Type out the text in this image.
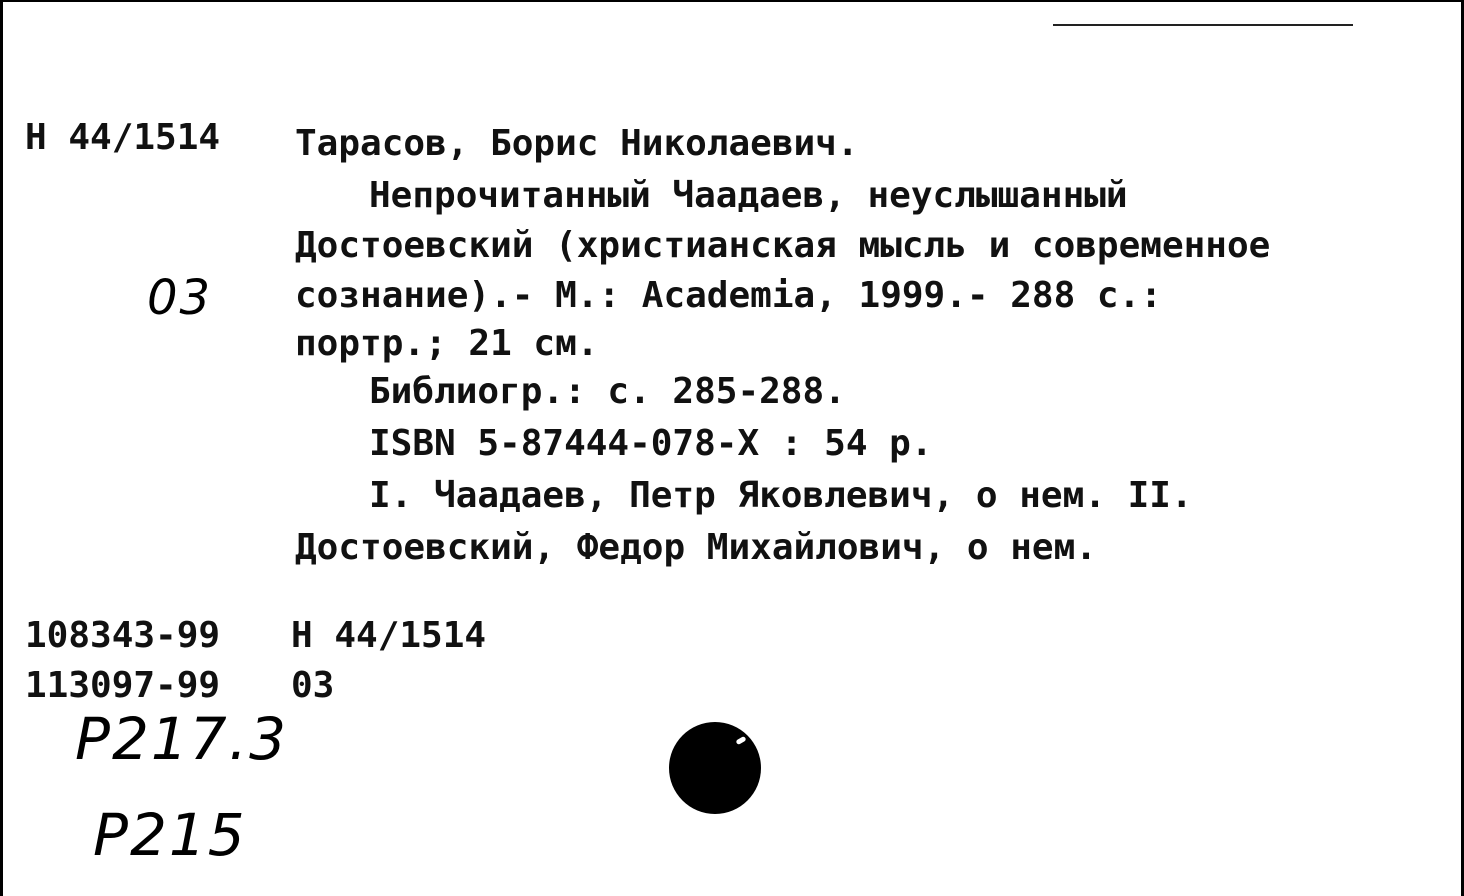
Н 44/1514 Тарасов, Борис Николаевич.
Непрочитанный Чаадаев, неуслышанный
Достоевский (христианская мысль и современное
сознание).- М.: Academia, 1999.- 288 с.:
портр.; 21 см.
03
Библиогр.: с. 285-288.
ISBN 5-87444-078-X : 54 р.
I. Чаадаев, Петр Яковлевич, о нем. II.
Достоевский, Федор Михайлович, о нем.
108343-99 Н 44/1514
113097-99 03
Р217.3
Р215
